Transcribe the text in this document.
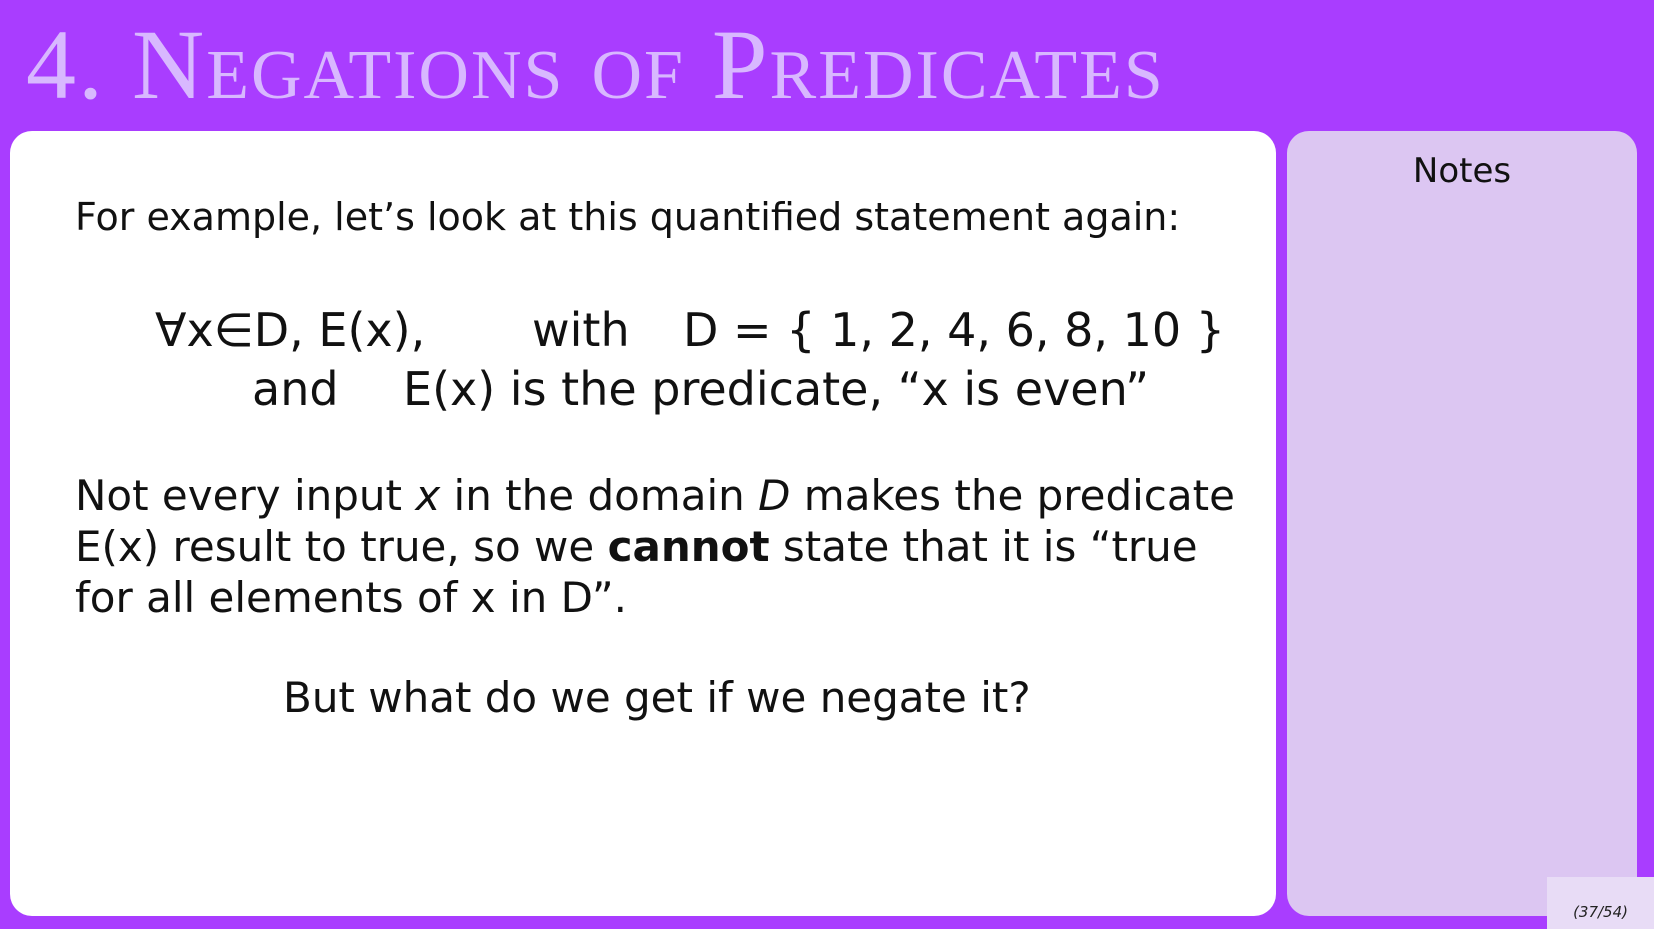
4. NEGATIONS OF PREDICATES
For example, let’s look at this quantified statement again:
∀x∈D, E(x), with D = { 1, 2, 4, 6, 8, 10 }
and E(x) is the predicate, “x is even”
Not every input x in the domain D makes the predicate
E(x) result to true, so we cannot state that it is “true
for all elements of x in D”.
But what do we get if we negate it?
Notes
(37/54)
